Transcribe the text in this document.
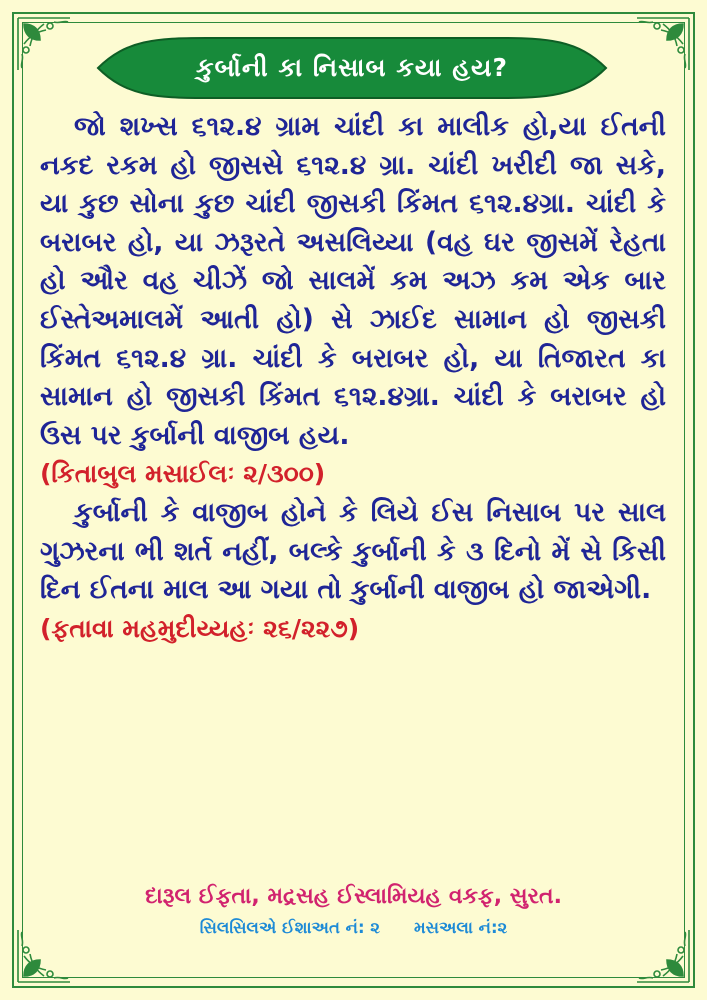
કુર્બાની કા નિસાબ કયા હય?

જો શખ્સ ૬૧૨.૪ ગ્રામ ચાંદી કા માલીક હો,યા ઈતની નકદ રકમ હો જીસસે ૬૧૨.૪ ગ્રા. ચાંદી ખરીદી જા સકે, યા કુછ સોના કુછ ચાંદી જીસકી કિંમત ૬૧૨.૪ગ્રા. ચાંદી કે બરાબર હો, યા ઝરૂરતે અસલિય્યા (વહ ઘર જીસમેં રેહતા હો ઔર વહ ચીઝેં જો સાલમેં કમ અઝ કમ એક બાર ઈસ્તેઅમાલમેં આતી હો) સે ઝાઈદ સામાન હો જીસકી કિંમત ૬૧૨.૪ ગ્રા. ચાંદી કે બરાબર હો, યા તિજારત કા સામાન હો જીસકી કિંમત ૬૧૨.૪ગ્રા. ચાંદી કે બરાબર હો ઉસ પર કુર્બાની વાજીબ હય.

(કિતાબુલ મસાઈલઃ ૨/૩૦૦)

કુર્બાની કે વાજીબ હોને કે લિયે ઈસ નિસાબ પર સાલ ગુઝરના ભી શર્ત નહીં, બલ્કે કુર્બાની કે ૩ દિનો મેં સે કિસી દિન ઈતના માલ આ ગયા તો કુર્બાની વાજીબ હો જાએગી.

(ફતાવા મહમુદીય્યહઃ ૨૬/૨૨૭)

દારૂલ ઈફતા, મદ્રસહ ઈસ્લામિયહ વકફ, સુરત.
સિલસિલએ ઈશાઅત નં: ૨ મસઅલા નં:૨
